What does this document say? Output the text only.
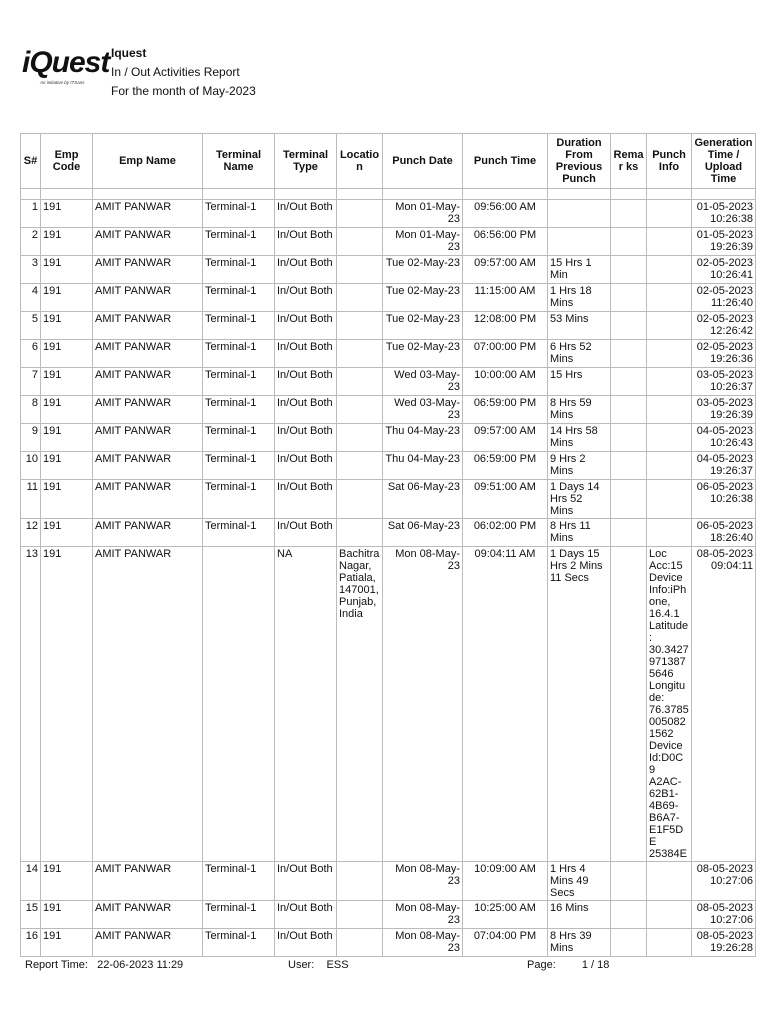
iQuest
An initiative by ITSans
Iquest
In / Out Activities Report
For the month of May-2023
S#	Emp Code	Emp Name	Terminal Name	Terminal Type	Location	Punch Date	Punch Time	Duration From Previous Punch	Remar ks	Punch Info	Generation Time / Upload Time

1	191	AMIT PANWAR	Terminal-1	In/Out Both		Mon 01-May-23	09:56:00 AM				01-05-2023 10:26:38
2	191	AMIT PANWAR	Terminal-1	In/Out Both		Mon 01-May-23	06:56:00 PM				01-05-2023 19:26:39
3	191	AMIT PANWAR	Terminal-1	In/Out Both		Tue 02-May-23	09:57:00 AM	15 Hrs 1 Min			02-05-2023 10:26:41
4	191	AMIT PANWAR	Terminal-1	In/Out Both		Tue 02-May-23	11:15:00 AM	1 Hrs 18 Mins			02-05-2023 11:26:40
5	191	AMIT PANWAR	Terminal-1	In/Out Both		Tue 02-May-23	12:08:00 PM	53 Mins			02-05-2023 12:26:42
6	191	AMIT PANWAR	Terminal-1	In/Out Both		Tue 02-May-23	07:00:00 PM	6 Hrs 52 Mins			02-05-2023 19:26:36
7	191	AMIT PANWAR	Terminal-1	In/Out Both		Wed 03-May-23	10:00:00 AM	15 Hrs			03-05-2023 10:26:37
8	191	AMIT PANWAR	Terminal-1	In/Out Both		Wed 03-May-23	06:59:00 PM	8 Hrs 59 Mins			03-05-2023 19:26:39
9	191	AMIT PANWAR	Terminal-1	In/Out Both		Thu 04-May-23	09:57:00 AM	14 Hrs 58 Mins			04-05-2023 10:26:43
10	191	AMIT PANWAR	Terminal-1	In/Out Both		Thu 04-May-23	06:59:00 PM	9 Hrs 2 Mins			04-05-2023 19:26:37
11	191	AMIT PANWAR	Terminal-1	In/Out Both		Sat 06-May-23	09:51:00 AM	1 Days 14 Hrs 52 Mins			06-05-2023 10:26:38
12	191	AMIT PANWAR	Terminal-1	In/Out Both		Sat 06-May-23	06:02:00 PM	8 Hrs 11 Mins			06-05-2023 18:26:40
13	191	AMIT PANWAR		NA	Bachitra Nagar, Patiala, 147001, Punjab, India	Mon 08-May-23	09:04:11 AM	1 Days 15 Hrs 2 Mins 11 Secs		Loc Acc:15 Device Info:iPh one, 16.4.1 Latitude : 30.3427 971387 5646 Longitu de: 76.3785 005082 1562 Device Id:D0C9 A2AC- 62B1- 4B69- B6A7- E1F5DE 25384E	08-05-2023 09:04:11
14	191	AMIT PANWAR	Terminal-1	In/Out Both		Mon 08-May-23	10:09:00 AM	1 Hrs 4 Mins 49 Secs			08-05-2023 10:27:06
15	191	AMIT PANWAR	Terminal-1	In/Out Both		Mon 08-May-23	10:25:00 AM	16 Mins			08-05-2023 10:27:06
16	191	AMIT PANWAR	Terminal-1	In/Out Both		Mon 08-May-23	07:04:00 PM	8 Hrs 39 Mins			08-05-2023 19:26:28
Report Time: 22-06-2023 11:29	User: ESS	Page: 1 / 18
